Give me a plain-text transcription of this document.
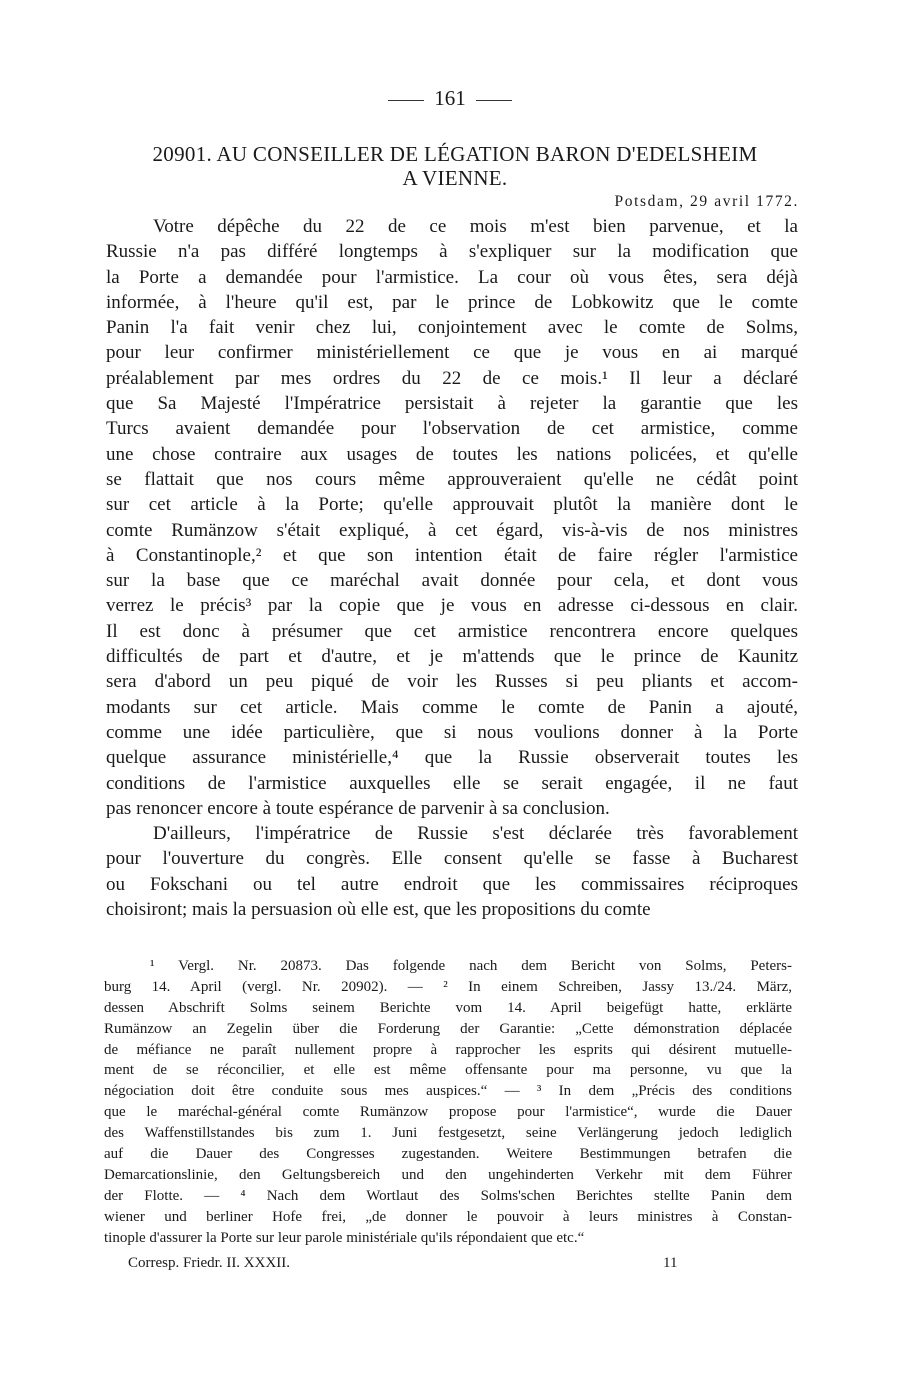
161
20901. AU CONSEILLER DE LÉGATION BARON D'EDELSHEIM
A VIENNE.
Potsdam, 29 avril 1772.
Votre dépêche du 22 de ce mois m'est bien parvenue, et la
Russie n'a pas différé longtemps à s'expliquer sur la modification que
la Porte a demandée pour l'armistice. La cour où vous êtes, sera déjà
informée, à l'heure qu'il est, par le prince de Lobkowitz que le comte
Panin l'a fait venir chez lui, conjointement avec le comte de Solms,
pour leur confirmer ministériellement ce que je vous en ai marqué
préalablement par mes ordres du 22 de ce mois.¹ Il leur a déclaré
que Sa Majesté l'Impératrice persistait à rejeter la garantie que les
Turcs avaient demandée pour l'observation de cet armistice, comme
une chose contraire aux usages de toutes les nations policées, et qu'elle
se flattait que nos cours même approuveraient qu'elle ne cédât point
sur cet article à la Porte; qu'elle approuvait plutôt la manière dont le
comte Rumänzow s'était expliqué, à cet égard, vis-à-vis de nos ministres
à Constantinople,² et que son intention était de faire régler l'armistice
sur la base que ce maréchal avait donnée pour cela, et dont vous
verrez le précis³ par la copie que je vous en adresse ci-dessous en clair.
Il est donc à présumer que cet armistice rencontrera encore quelques
difficultés de part et d'autre, et je m'attends que le prince de Kaunitz
sera d'abord un peu piqué de voir les Russes si peu pliants et accom-
modants sur cet article. Mais comme le comte de Panin a ajouté,
comme une idée particulière, que si nous voulions donner à la Porte
quelque assurance ministérielle,⁴ que la Russie observerait toutes les
conditions de l'armistice auxquelles elle se serait engagée, il ne faut
pas renoncer encore à toute espérance de parvenir à sa conclusion.
D'ailleurs, l'impératrice de Russie s'est déclarée très favorablement
pour l'ouverture du congrès. Elle consent qu'elle se fasse à Bucharest
ou Fokschani ou tel autre endroit que les commissaires réciproques
choisiront; mais la persuasion où elle est, que les propositions du comte
¹ Vergl. Nr. 20873. Das folgende nach dem Bericht von Solms, Peters-
burg 14. April (vergl. Nr. 20902). — ² In einem Schreiben, Jassy 13./24. März,
dessen Abschrift Solms seinem Berichte vom 14. April beigefügt hatte, erklärte
Rumänzow an Zegelin über die Forderung der Garantie: „Cette démonstration déplacée
de méfiance ne paraît nullement propre à rapprocher les esprits qui désirent mutuelle-
ment de se réconcilier, et elle est même offensante pour ma personne, vu que la
négociation doit être conduite sous mes auspices.“ — ³ In dem „Précis des conditions
que le maréchal-général comte Rumänzow propose pour l'armistice“, wurde die Dauer
des Waffenstillstandes bis zum 1. Juni festgesetzt, seine Verlängerung jedoch lediglich
auf die Dauer des Congresses zugestanden. Weitere Bestimmungen betrafen die
Demarcationslinie, den Geltungsbereich und den ungehinderten Verkehr mit dem Führer
der Flotte. — ⁴ Nach dem Wortlaut des Solms'schen Berichtes stellte Panin dem
wiener und berliner Hofe frei, „de donner le pouvoir à leurs ministres à Constan-
tinople d'assurer la Porte sur leur parole ministériale qu'ils répondaient que etc.“
Corresp. Friedr. II. XXXII.	11
